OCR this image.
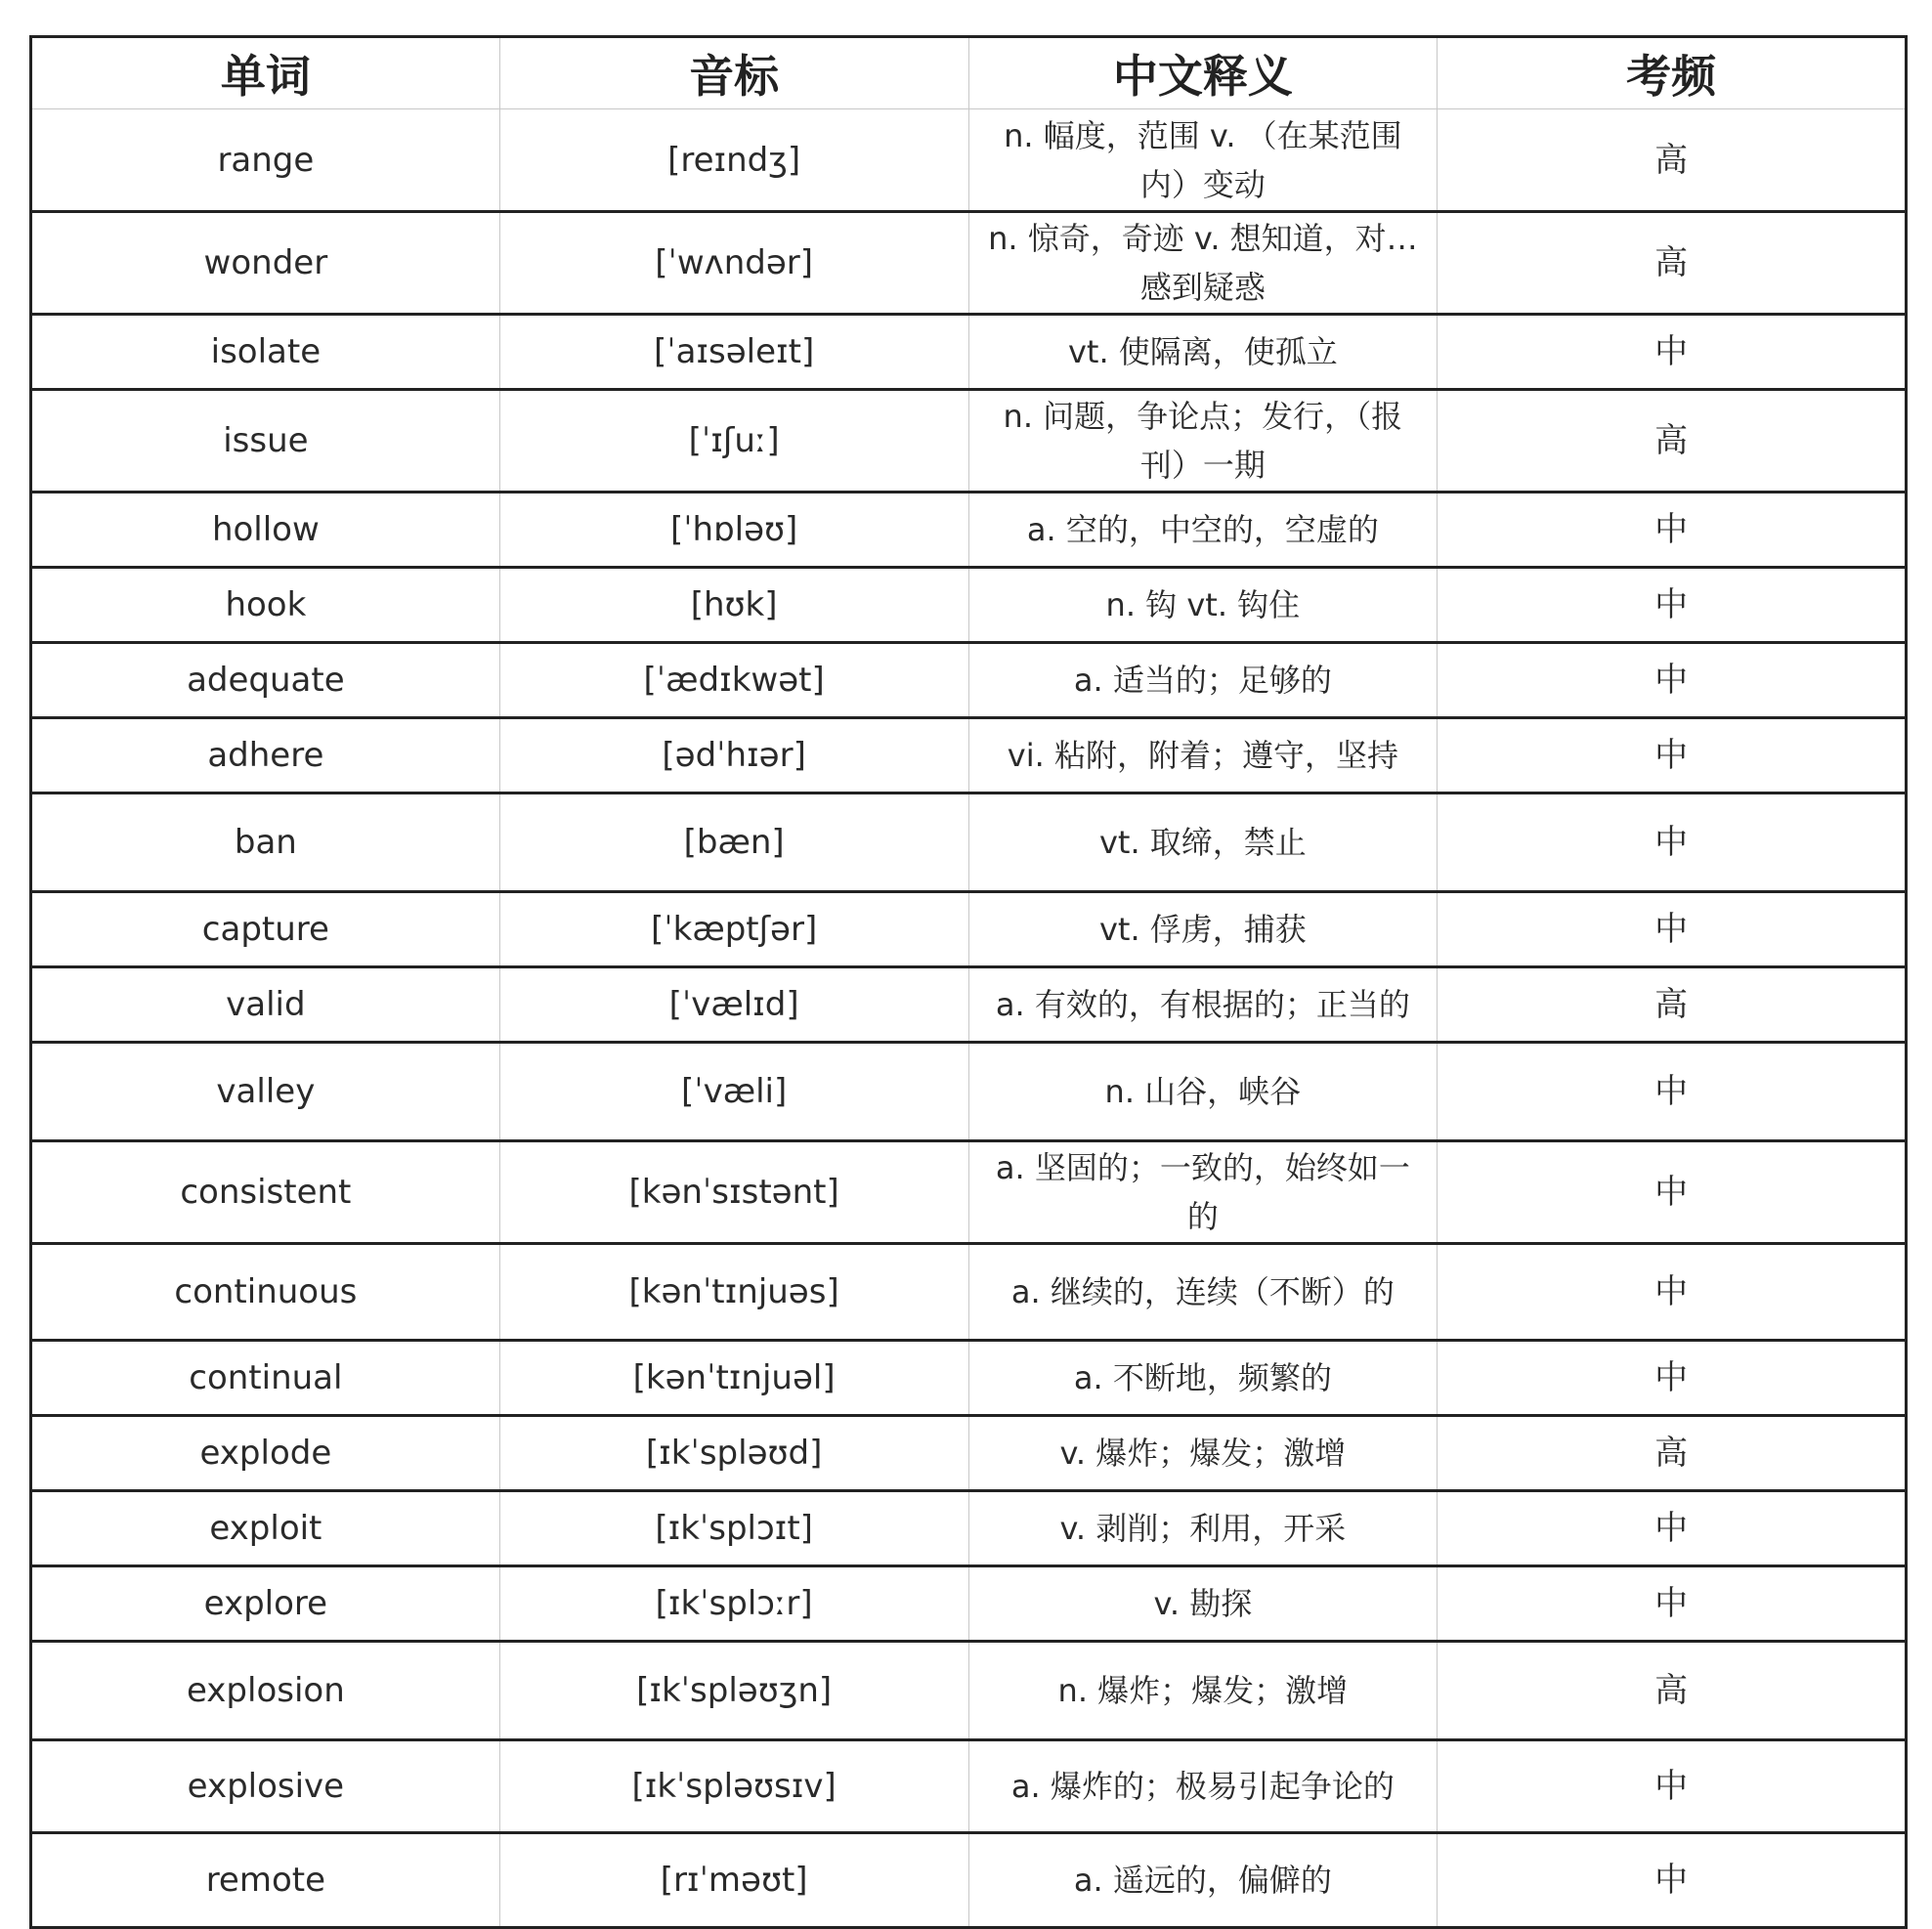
单词	音标	中文释义	考频
range	[reɪndʒ]	n. 幅度，范围 v. （在某范围内）变动	高
wonder	[ˈwʌndər]	n. 惊奇，奇迹 v. 想知道，对…感到疑惑	高
isolate	[ˈaɪsəleɪt]	vt. 使隔离，使孤立	中
issue	[ˈɪʃuː]	n. 问题，争论点；发行，（报刊）一期	高
hollow	[ˈhɒləʊ]	a. 空的，中空的，空虚的	中
hook	[hʊk]	n. 钩 vt. 钩住	中
adequate	[ˈædɪkwət]	a. 适当的；足够的	中
adhere	[ədˈhɪər]	vi. 粘附，附着；遵守，坚持	中
ban	[bæn]	vt. 取缔，禁止	中
capture	[ˈkæptʃər]	vt. 俘虏，捕获	中
valid	[ˈvælɪd]	a. 有效的，有根据的；正当的	高
valley	[ˈvæli]	n. 山谷，峡谷	中
consistent	[kənˈsɪstənt]	a. 坚固的；一致的，始终如一的	中
continuous	[kənˈtɪnjuəs]	a. 继续的，连续（不断）的	中
continual	[kənˈtɪnjuəl]	a. 不断地，频繁的	中
explode	[ɪkˈspləʊd]	v. 爆炸；爆发；激增	高
exploit	[ɪkˈsplɔɪt]	v. 剥削；利用，开采	中
explore	[ɪkˈsplɔːr]	v. 勘探	中
explosion	[ɪkˈspləʊʒn]	n. 爆炸；爆发；激增	高
explosive	[ɪkˈspləʊsɪv]	a. 爆炸的；极易引起争论的	中
remote	[rɪˈməʊt]	a. 遥远的，偏僻的	中
